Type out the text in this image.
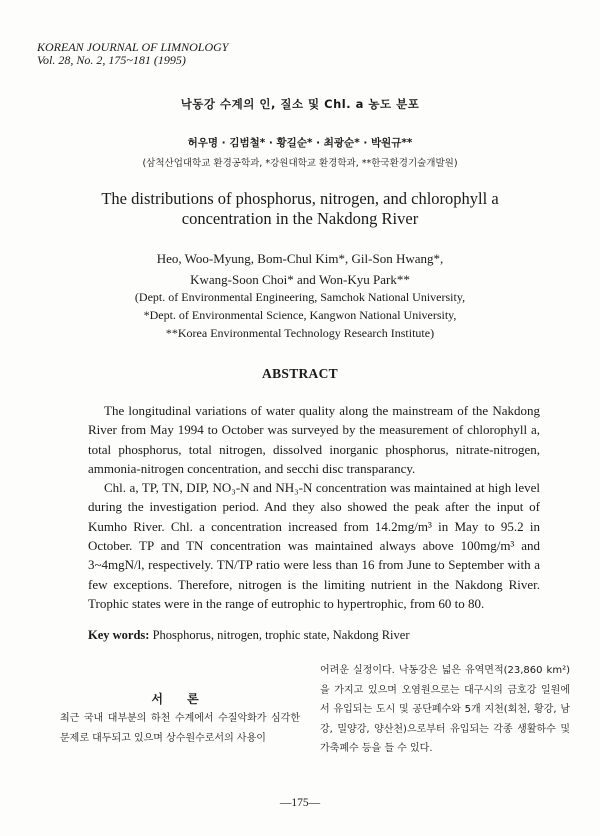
KOREAN JOURNAL OF LIMNOLOGY
Vol. 28, No. 2, 175~181 (1995)
낙동강 수계의 인, 질소 및 Chl. a 농도 분포
허우명 · 김범철* · 황길순* · 최광순* · 박원규**
(삼척산업대학교 환경공학과, *강원대학교 환경학과, **한국환경기술개발원)
The distributions of phosphorus, nitrogen, and chlorophyll a
concentration in the Nakdong River
Heo, Woo-Myung, Bom-Chul Kim*, Gil-Son Hwang*,
Kwang-Soon Choi* and Won-Kyu Park**
(Dept. of Environmental Engineering, Samchok National University,
*Dept. of Environmental Science, Kangwon National University,
**Korea Environmental Technology Research Institute)
ABSTRACT

The longitudinal variations of water quality along the mainstream of the Nakdong River from May 1994 to October was surveyed by the measurement of chlorophyll a, total phosphorus, total nitrogen, dissolved inorganic phosphorus, nitrate-nitrogen, ammonia-nitrogen concentration, and secchi disc transparancy.

Chl. a, TP, TN, DIP, NO₃-N and NH₃-N concentration was maintained at high level during the investigation period. And they also showed the peak after the input of Kumho River. Chl. a concentration increased from 14.2mg/m³ in May to 95.2 in October. TP and TN concentration was maintained always above 100mg/m³ and 3~4mgN/l, respectively. TN/TP ratio were less than 16 from June to September with a few exceptions. Therefore, nitrogen is the limiting nutrient in the Nakdong River. Trophic states were in the range of eutrophic to hypertrophic, from 60 to 80.

Key words: Phosphorus, nitrogen, trophic state, Nakdong River
서 론
최근 국내 대부분의 하천 수계에서 수질악화가 심각한 문제로 대두되고 있으며 상수원수로서의 사용이
어려운 실정이다. 낙동강은 넓은 유역면적(23,860 km²)을 가지고 있으며 오염원으로는 대구시의 금호강 일원에서 유입되는 도시 및 공단폐수와 5개 지천(회천, 황강, 남강, 밀양강, 양산천)으로부터 유입되는 각종 생활하수 및 가축폐수 등을 들 수 있다.
—175—
